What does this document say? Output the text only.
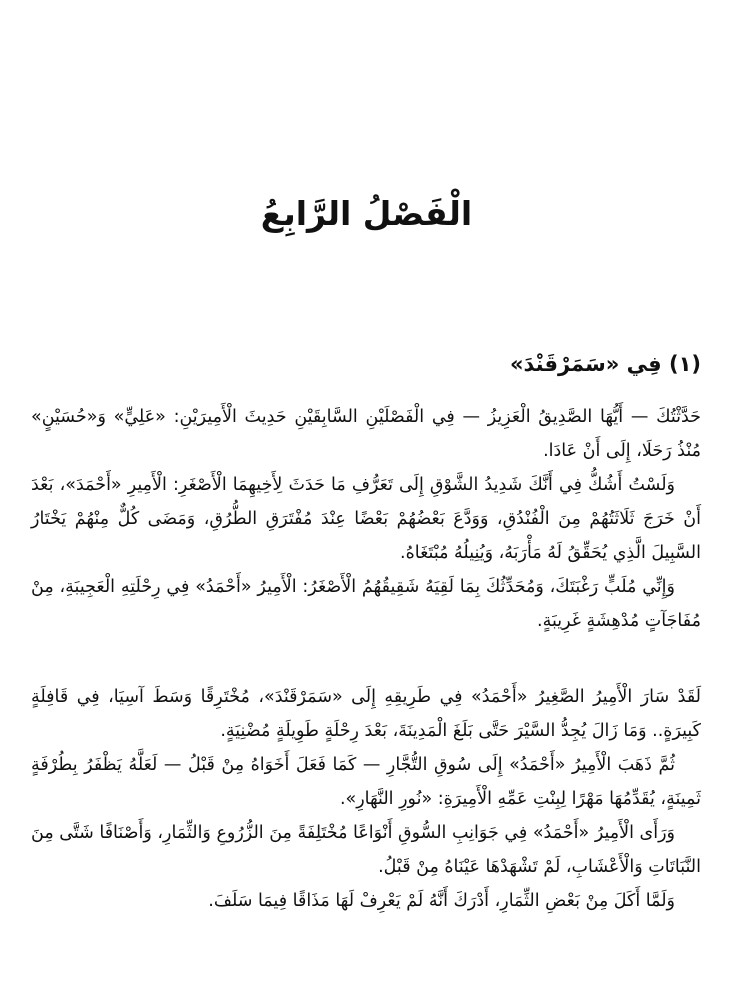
الْفَصْلُ الرَّابِعُ
(١) فِي «سَمَرْقَنْدَ»

حَدَّثْتُكَ — أَيُّهَا الصَّدِيقُ الْعَزِيزُ — فِي الْفَصْلَيْنِ السَّابِقَيْنِ حَدِيثَ الْأَمِيرَيْنِ: «عَلِيٍّ» وَ«حُسَيْنٍ» مُنْذُ رَحَلَا، إِلَى أَنْ عَادَا.

وَلَسْتُ أَشُكُّ فِي أَنَّكَ شَدِيدُ الشَّوْقِ إِلَى تَعَرُّفِ مَا حَدَثَ لِأَخِيهِمَا الْأَصْغَرِ: الْأَمِيرِ «أَحْمَدَ»، بَعْدَ أَنْ خَرَجَ ثَلَاثَتُهُمْ مِنَ الْفُنْدُقِ، وَوَدَّعَ بَعْضُهُمْ بَعْضًا عِنْدَ مُفْتَرَقِ الطُّرُقِ، وَمَضَى كُلٌّ مِنْهُمْ يَخْتَارُ السَّبِيلَ الَّذِي يُحَقِّقُ لَهُ مَأْرَبَهُ، وَيُنِيلُهُ مُبْتَغَاهُ.

وَإِنِّي مُلَبٍّ رَغْبَتَكَ، وَمُحَدِّثُكَ بِمَا لَقِيَهُ شَقِيقُهُمُ الْأَصْغَرُ: الْأَمِيرُ «أَحْمَدُ» فِي رِحْلَتِهِ الْعَجِيبَةِ، مِنْ مُفَاجَآتٍ مُدْهِشَةٍ غَرِيبَةٍ.

لَقَدْ سَارَ الْأَمِيرُ الصَّغِيرُ «أَحْمَدُ» فِي طَرِيقِهِ إِلَى «سَمَرْقَنْدَ»، مُخْتَرِقًا وَسَطَ آسِيَا، فِي قَافِلَةٍ كَبِيرَةٍ.. وَمَا زَالَ يُجِدُّ السَّيْرَ حَتَّى بَلَغَ الْمَدِينَةَ، بَعْدَ رِحْلَةٍ طَوِيلَةٍ مُضْنِيَةٍ.

ثُمَّ ذَهَبَ الْأَمِيرُ «أَحْمَدُ» إِلَى سُوقِ التُّجَّارِ — كَمَا فَعَلَ أَخَوَاهُ مِنْ قَبْلُ — لَعَلَّهُ يَظْفَرُ بِطُرْفَةٍ ثَمِينَةٍ، يُقَدِّمُهَا مَهْرًا لِبِنْتِ عَمِّهِ الْأَمِيرَةِ: «نُورِ النَّهَارِ».

وَرَأَى الْأَمِيرُ «أَحْمَدُ» فِي جَوَانِبِ السُّوقِ أَنْوَاعًا مُخْتَلِفَةً مِنَ الزُّرُوعِ وَالثِّمَارِ، وَأَصْنَافًا شَتَّى مِنَ النَّبَاتَاتِ وَالْأَعْشَابِ، لَمْ تَشْهَدْهَا عَيْنَاهُ مِنْ قَبْلُ.

وَلَمَّا أَكَلَ مِنْ بَعْضِ الثِّمَارِ، أَدْرَكَ أَنَّهُ لَمْ يَعْرِفْ لَهَا مَذَاقًا فِيمَا سَلَفَ.
